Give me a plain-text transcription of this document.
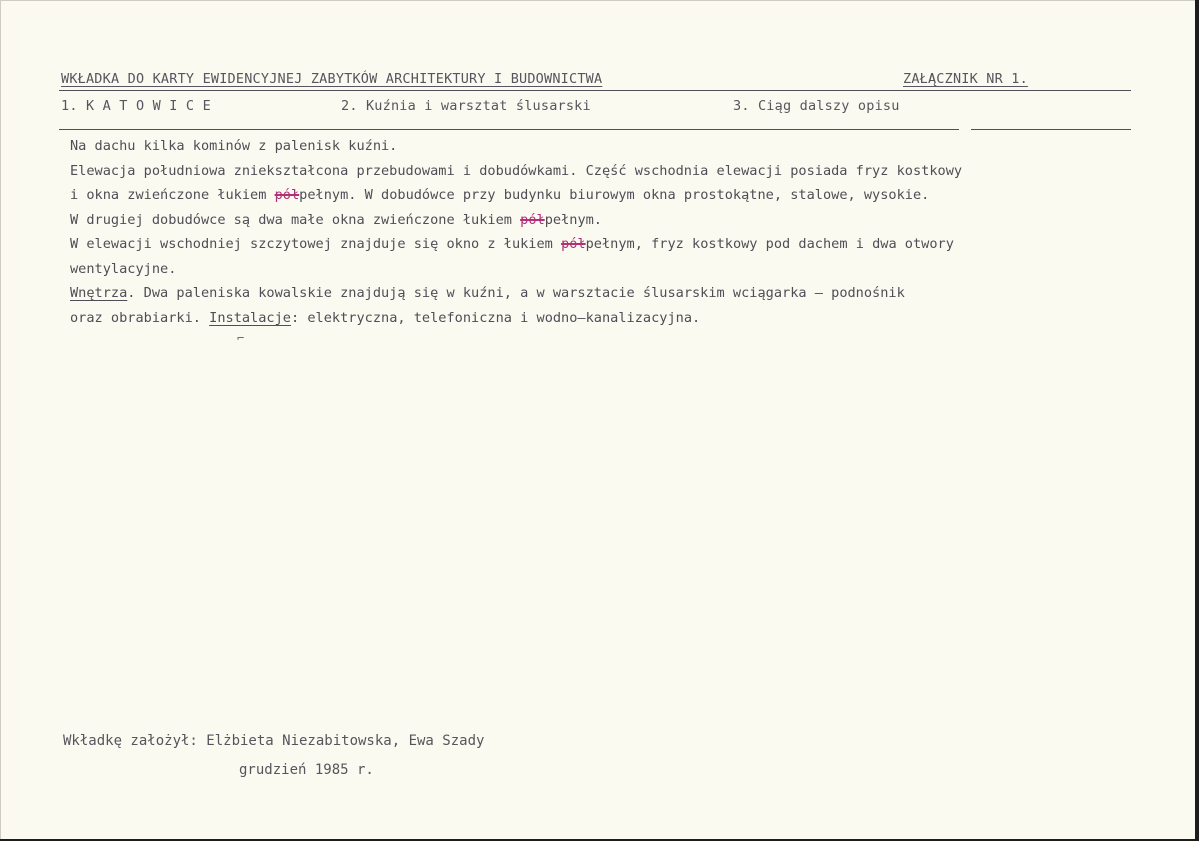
WKŁADKA DO KARTY EWIDENCYJNEJ ZABYTKÓW ARCHITEKTURY I BUDOWNICTWA	ZAŁĄCZNIK NR 1.
1. K A T O W I C E	2. Kuźnia i warsztat ślusarski	3. Ciąg dalszy opisu
Na dachu kilka kominów z palenisk kuźni.
Elewacja południowa zniekształcona przebudowami i dobudówkami. Część wschodnia elewacji posiada fryz kostkowy
i okna zwieńczone łukiem półpełnym. W dobudówce przy budynku biurowym okna prostokątne, stalowe, wysokie.
W drugiej dobudówce są dwa małe okna zwieńczone łukiem półpełnym.
W elewacji wschodniej szczytowej znajduje się okno z łukiem półpełnym, fryz kostkowy pod dachem i dwa otwory
wentylacyjne.
Wnętrza. Dwa paleniska kowalskie znajdują się w kuźni, a w warsztacie ślusarskim wciągarka – podnośnik
oraz obrabiarki. Instalacje: elektryczna, telefoniczna i wodno–kanalizacyjna.
⌐
Wkładkę założył: Elżbieta Niezabitowska, Ewa Szady
grudzień 1985 r.
